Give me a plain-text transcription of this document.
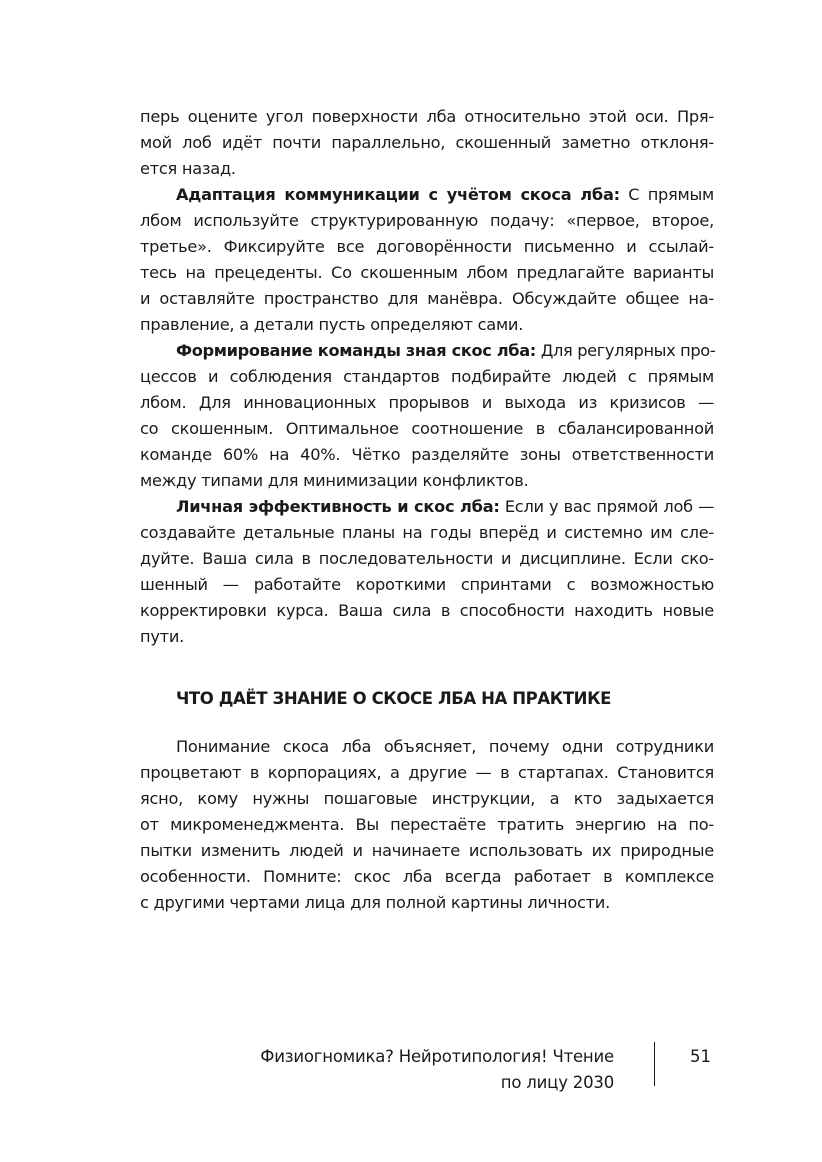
перь оцените угол поверхности лба относительно этой оси. Пря-
мой лоб идёт почти параллельно, скошенный заметно отклоня-
ется назад.
Адаптация коммуникации с учётом скоса лба: С прямым
лбом используйте структурированную подачу: «первое, второе,
третье». Фиксируйте все договорённости письменно и ссылай-
тесь на прецеденты. Со скошенным лбом предлагайте варианты
и оставляйте пространство для манёвра. Обсуждайте общее на-
правление, а детали пусть определяют сами.
Формирование команды зная скос лба: Для регулярных про-
цессов и соблюдения стандартов подбирайте людей с прямым
лбом. Для инновационных прорывов и выхода из кризисов —
со скошенным. Оптимальное соотношение в сбалансированной
команде 60% на 40%. Чётко разделяйте зоны ответственности
между типами для минимизации конфликтов.
Личная эффективность и скос лба: Если у вас прямой лоб —
создавайте детальные планы на годы вперёд и системно им сле-
дуйте. Ваша сила в последовательности и дисциплине. Если ско-
шенный — работайте короткими спринтами с возможностью
корректировки курса. Ваша сила в способности находить новые
пути.
ЧТО ДАЁТ ЗНАНИЕ О СКОСЕ ЛБА НА ПРАКТИКЕ
Понимание скоса лба объясняет, почему одни сотрудники
процветают в корпорациях, а другие — в стартапах. Становится
ясно, кому нужны пошаговые инструкции, а кто задыхается
от микроменеджмента. Вы перестаёте тратить энергию на по-
пытки изменить людей и начинаете использовать их природные
особенности. Помните: скос лба всегда работает в комплексе
с другими чертами лица для полной картины личности.
Физиогномика? Нейротипология! Чтение
по лицу 2030
51
